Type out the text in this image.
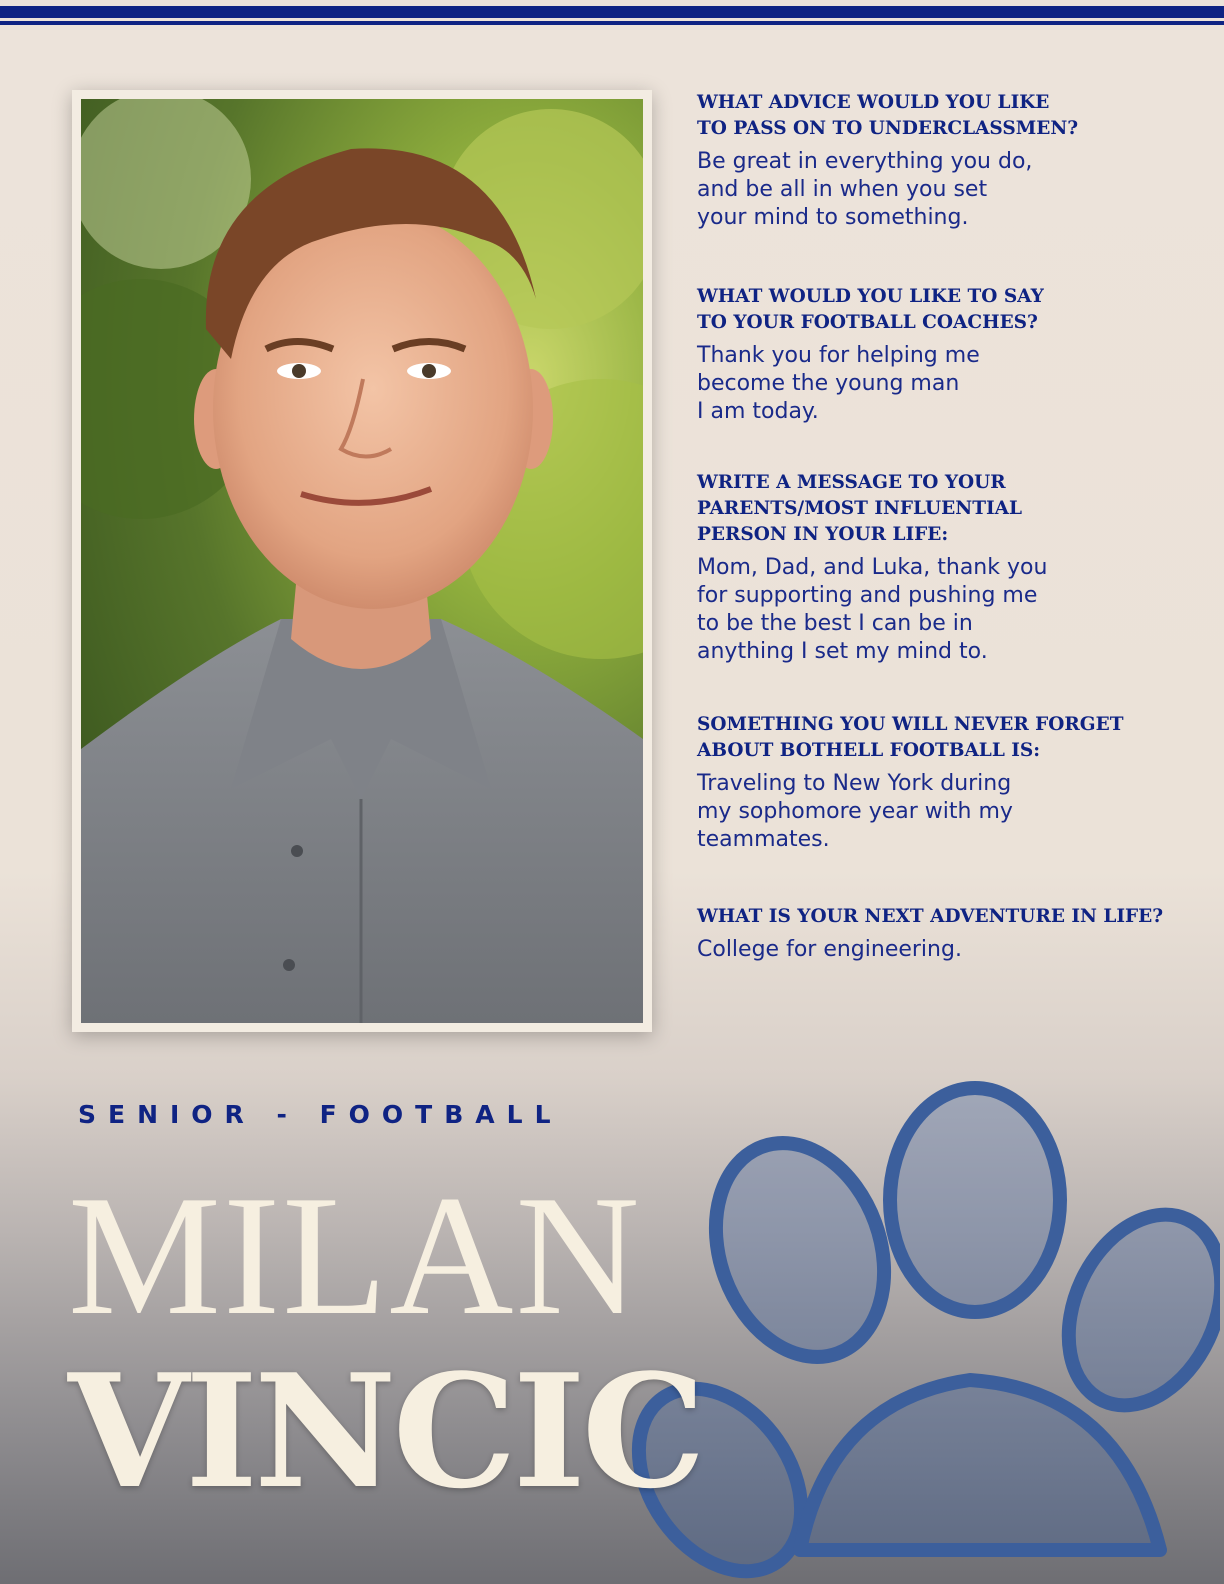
WHAT ADVICE WOULD YOU LIKE
TO PASS ON TO UNDERCLASSMEN?

Be great in everything you do,
and be all in when you set
your mind to something.

WHAT WOULD YOU LIKE TO SAY
TO YOUR FOOTBALL COACHES?

Thank you for helping me
become the young man
I am today.

WRITE A MESSAGE TO YOUR
PARENTS/MOST INFLUENTIAL
PERSON IN YOUR LIFE:

Mom, Dad, and Luka, thank you
for supporting and pushing me
to be the best I can be in
anything I set my mind to.

SOMETHING YOU WILL NEVER FORGET
ABOUT BOTHELL FOOTBALL IS:

Traveling to New York during
my sophomore year with my
teammates.

WHAT IS YOUR NEXT ADVENTURE IN LIFE?

College for engineering.

SENIOR - FOOTBALL
MILAN
VINCIC
